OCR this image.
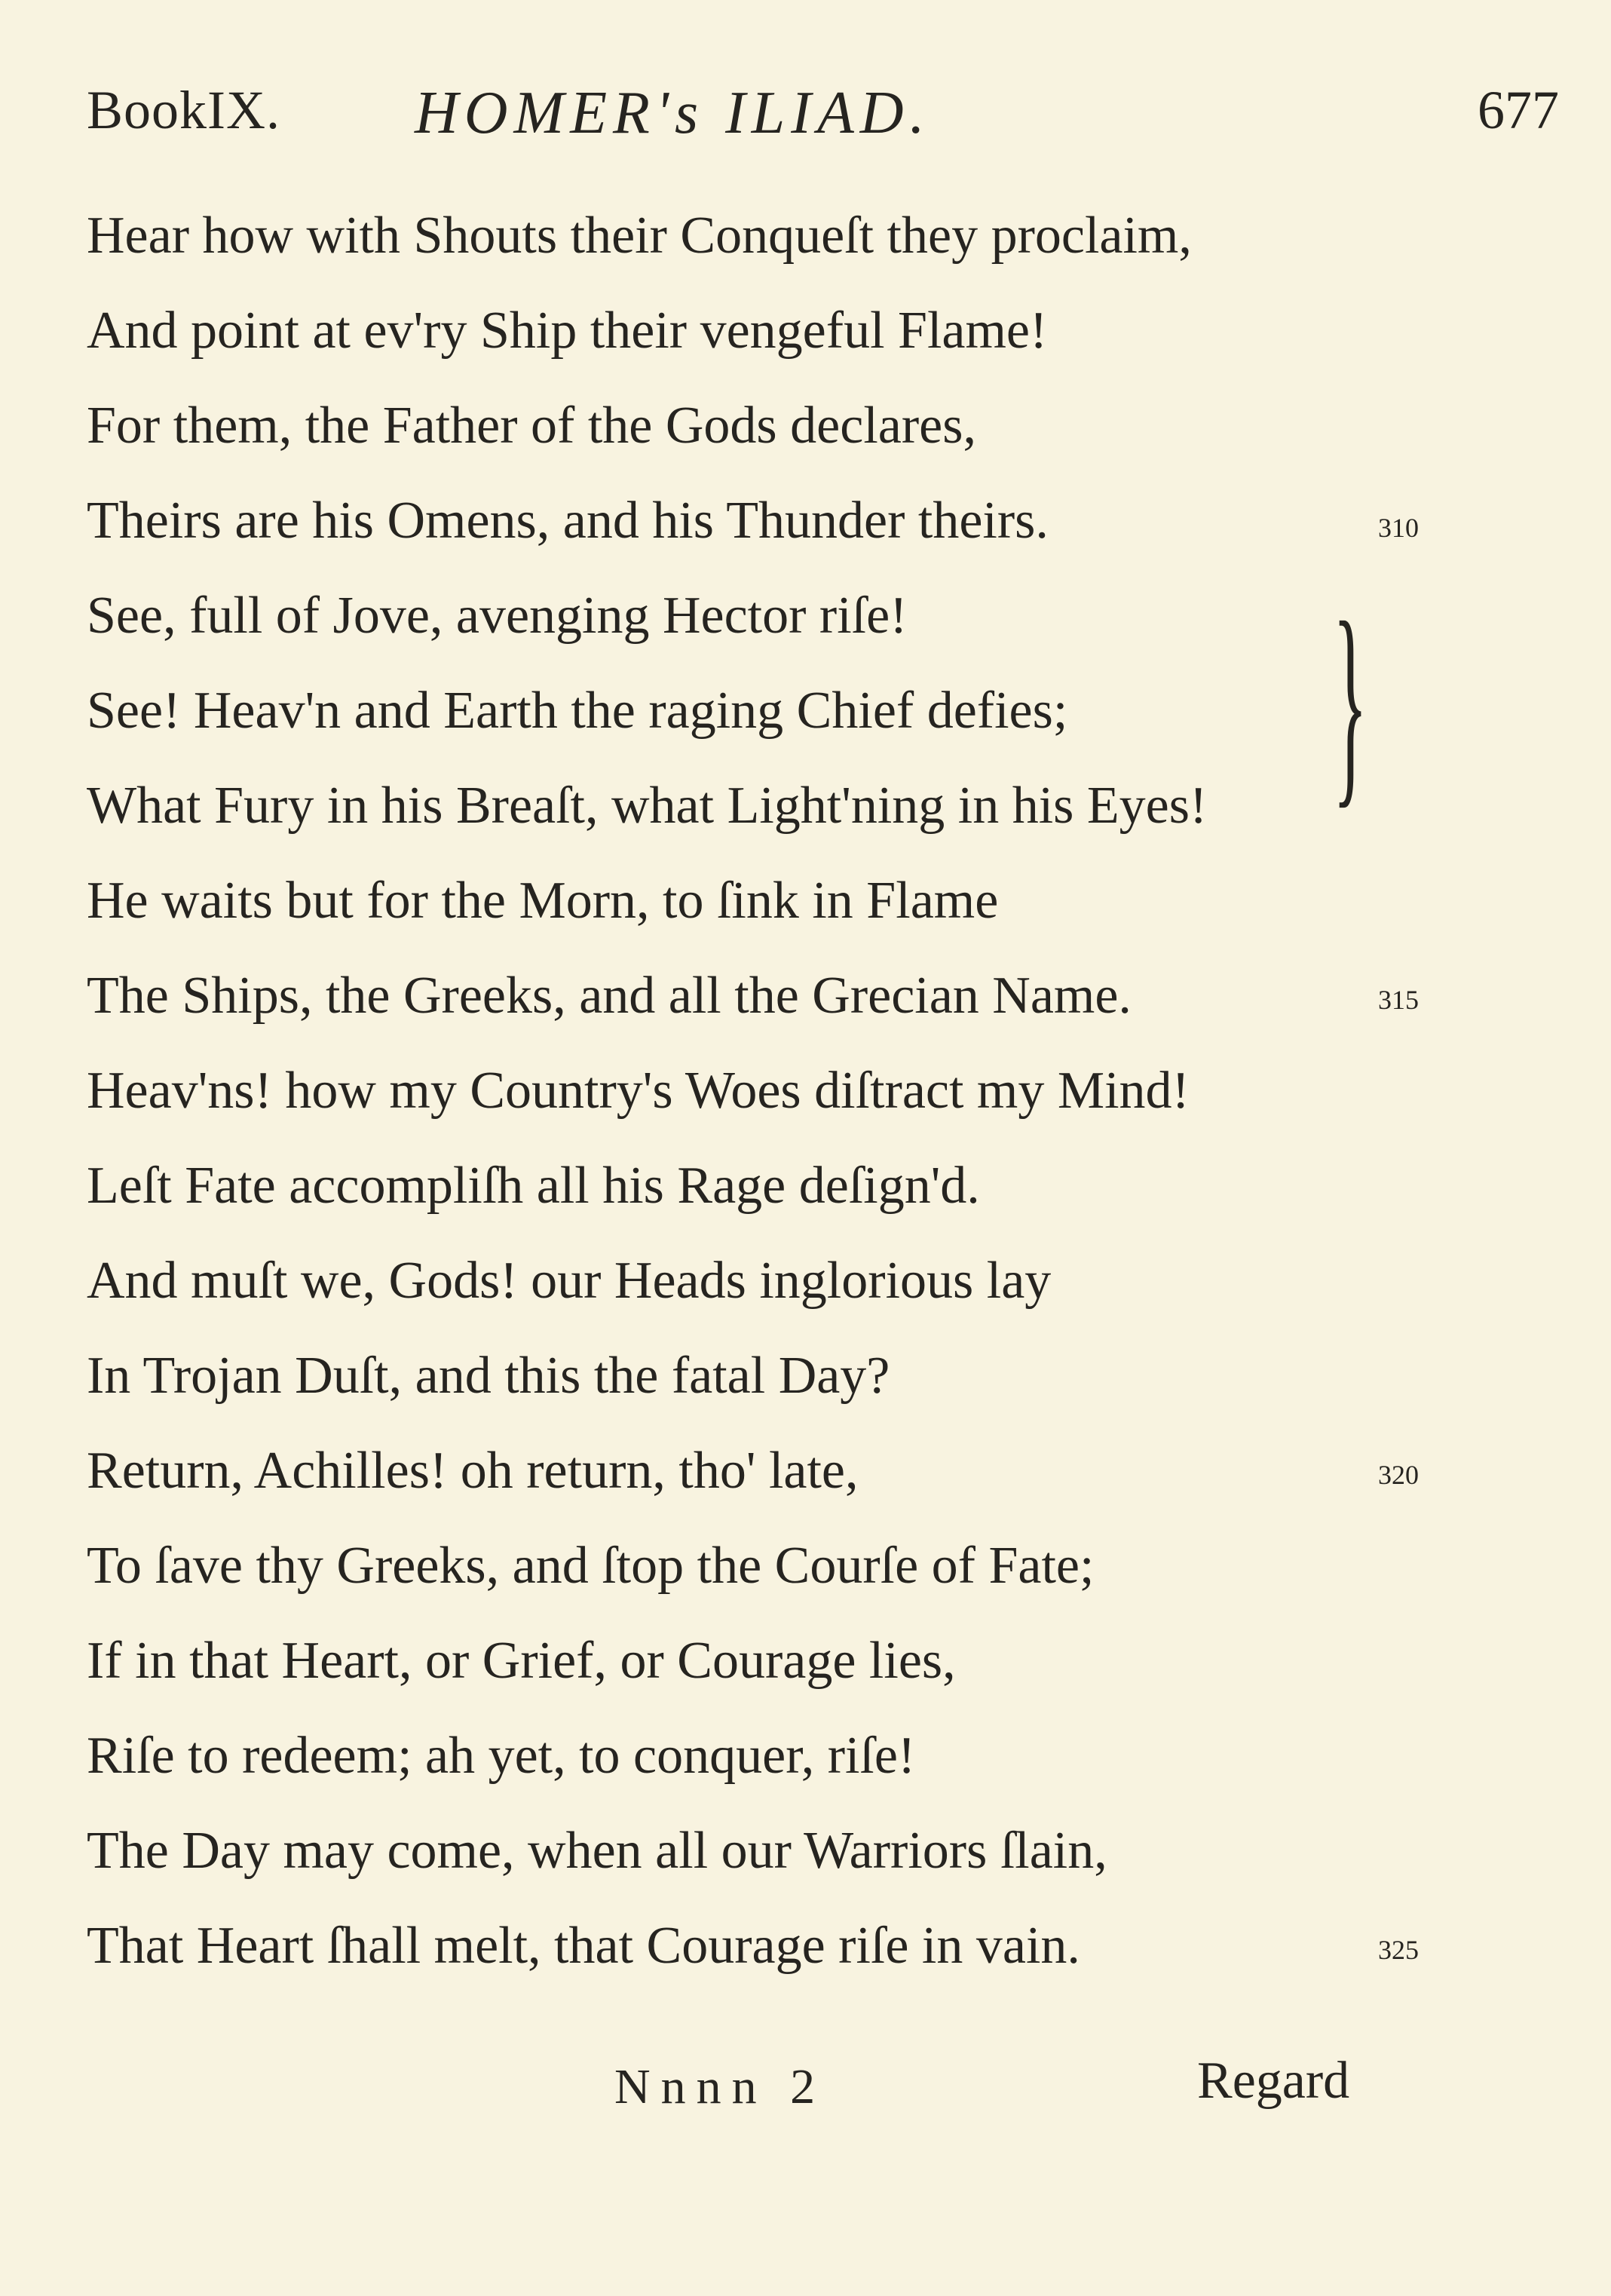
BookIX. HOMER's ILIAD.	677
Hear how with Shouts their Conqueſt they proclaim,
And point at ev'ry Ship their vengeful Flame!
For them, the Father of the Gods declares,
Theirs are his Omens, and his Thunder theirs.
See, full of Jove, avenging Hector riſe!
See! Heav'n and Earth the raging Chief defies;
What Fury in his Breaſt, what Light'ning in his Eyes!
He waits but for the Morn, to ſink in Flame
The Ships, the Greeks, and all the Grecian Name.
Heav'ns! how my Country's Woes diſtract my Mind!
Leſt Fate accompliſh all his Rage deſign'd.
And muſt we, Gods! our Heads inglorious lay
In Trojan Duſt, and this the fatal Day?
Return, Achilles! oh return, tho' late,
To ſave thy Greeks, and ſtop the Courſe of Fate;
If in that Heart, or Grief, or Courage lies,
Riſe to redeem; ah yet, to conquer, riſe!
The Day may come, when all our Warriors ſlain,
That Heart ſhall melt, that Courage riſe in vain.
}
310
315
320
325
Nnnn 2	Regard
